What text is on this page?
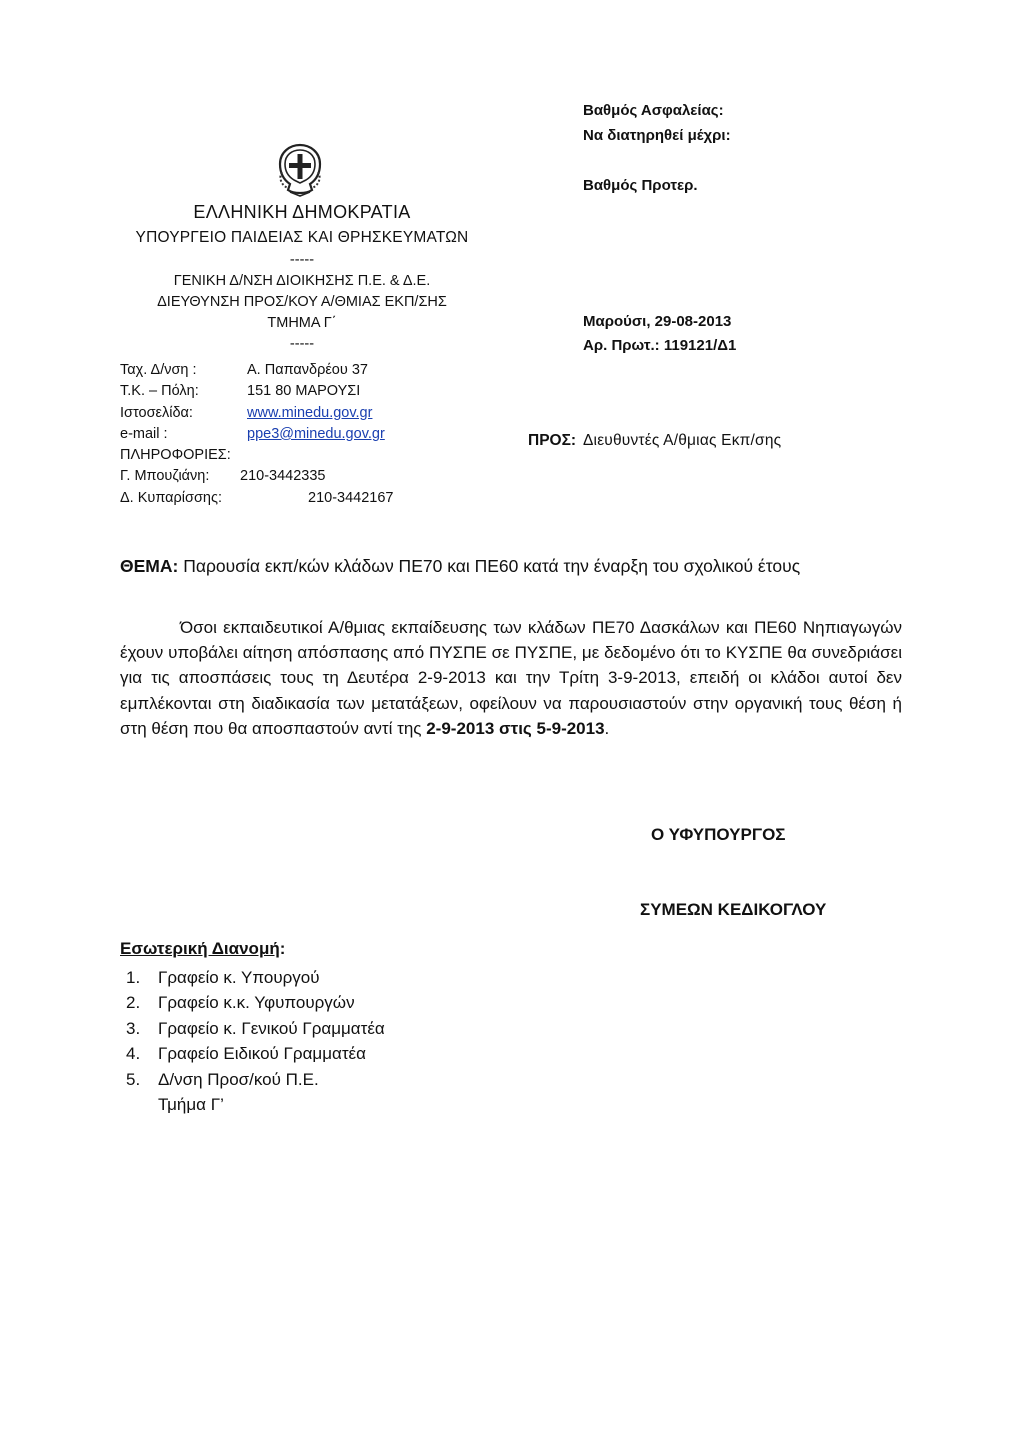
ΕΛΛΗΝΙΚΗ ΔΗΜΟΚΡΑΤΙΑ
ΥΠΟΥΡΓΕΙΟ ΠΑΙΔΕΙΑΣ ΚΑΙ ΘΡΗΣΚΕΥΜΑΤΩΝ
-----
ΓΕΝΙΚΗ Δ/ΝΣΗ ΔΙΟΙΚΗΣΗΣ Π.Ε. & Δ.Ε.
ΔΙΕΥΘΥΝΣΗ ΠΡΟΣ/ΚΟΥ Α/ΘΜΙΑΣ ΕΚΠ/ΣΗΣ
ΤΜΗΜΑ Γ΄
-----
Ταχ. Δ/νση :	Α. Παπανδρέου 37
Τ.Κ. – Πόλη:	151 80 ΜΑΡΟΥΣΙ
Ιστοσελίδα:	www.minedu.gov.gr
e-mail :	ppe3@minedu.gov.gr
ΠΛΗΡΟΦΟΡΙΕΣ:
Γ. Μπουζιάνη: 210-3442335
Δ. Κυπαρίσσης:	210-3442167
Βαθμός Ασφαλείας:
Να διατηρηθεί μέχρι:
Βαθμός Προτερ.
Μαρούσι, 29-08-2013
Αρ. Πρωτ.: 119121/Δ1
ΠΡΟΣ: Διευθυντές Α/θμιας Εκπ/σης
ΘΕΜΑ: Παρουσία εκπ/κών κλάδων ΠΕ70 και ΠΕ60 κατά την έναρξη του σχολικού έτους
Όσοι εκπαιδευτικοί Α/θμιας εκπαίδευσης των κλάδων ΠΕ70 Δασκάλων και ΠΕ60 Νηπιαγωγών έχουν υποβάλει αίτηση απόσπασης από ΠΥΣΠΕ σε ΠΥΣΠΕ, με δεδομένο ότι το ΚΥΣΠΕ θα συνεδριάσει για τις αποσπάσεις τους τη Δευτέρα 2-9-2013 και την Τρίτη 3-9-2013, επειδή οι κλάδοι αυτοί δεν εμπλέκονται στη διαδικασία των μετατάξεων, οφείλουν να παρουσιαστούν στην οργανική τους θέση ή στη θέση που θα αποσπαστούν αντί της 2-9-2013 στις 5-9-2013.
Ο ΥΦΥΠΟΥΡΓΟΣ
ΣΥΜΕΩΝ ΚΕΔΙΚΟΓΛΟΥ
Εσωτερική Διανομή:
1. Γραφείο κ. Υπουργού
2. Γραφείο κ.κ. Υφυπουργών
3. Γραφείο κ. Γενικού Γραμματέα
4. Γραφείο Ειδικού Γραμματέα
5. Δ/νση Προσ/κού Π.Ε.
Τμήμα Γ’
